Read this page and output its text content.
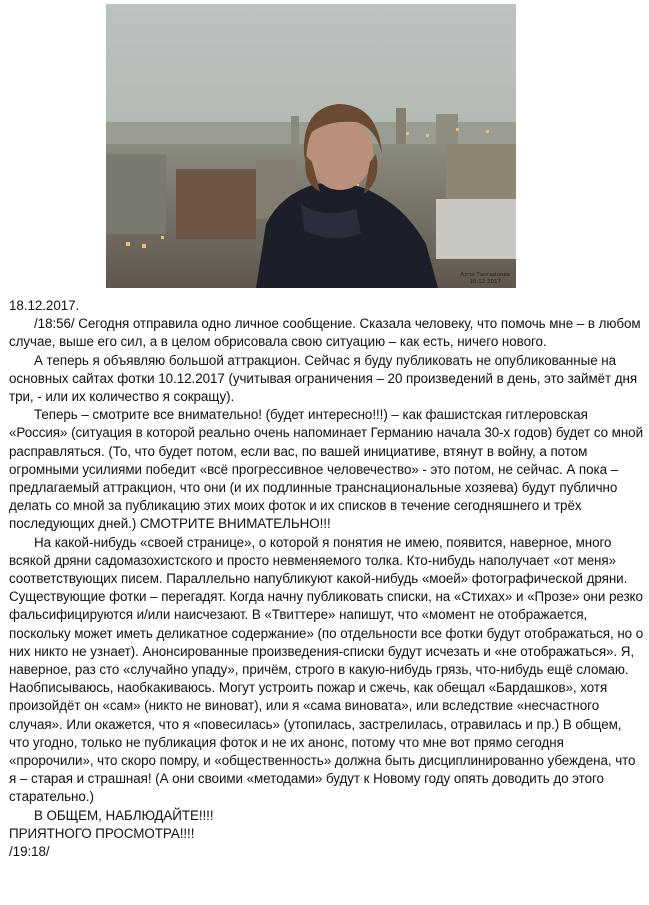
Алла Тангайлова
10.12.2017

18.12.2017.

/18:56/ Сегодня отправила одно личное сообщение. Сказала человеку, что помочь мне – в любом случае, выше его сил, а в целом обрисовала свою ситуацию – как есть, ничего нового.

А теперь я объявляю большой аттракцион. Сейчас я буду публиковать не опубликованные на основных сайтах фотки 10.12.2017 (учитывая ограничения – 20 произведений в день, это займёт дня три, - или их количество я сокращу).

Теперь – смотрите все внимательно! (будет интересно!!!) – как фашистская гитлеровская «Россия» (ситуация в которой реально очень напоминает Германию начала 30-х годов) будет со мной расправляться. (То, что будет потом, если вас, по вашей инициативе, втянут в войну, а потом огромными усилиями победит «всё прогрессивное человечество» - это потом, не сейчас. А пока – предлагаемый аттракцион, что они (и их подлинные транснациональные хозяева) будут публично делать со мной за публикацию этих моих фоток и их списков в течение сегодняшнего и трёх последующих дней.) СМОТРИТЕ ВНИМАТЕЛЬНО!!!

На какой-нибудь «своей странице», о которой я понятия не имею, появится, наверное, много всякой дряни садомазохистского и просто невменяемого толка. Кто-нибудь наполучает «от меня» соответствующих писем. Параллельно напубликуют какой-нибудь «моей» фотографической дряни. Существующие фотки – перегадят. Когда начну публиковать списки, на «Стихах» и «Прозе» они резко фальсифицируются и/или наисчезают. В «Твиттере» напишут, что «момент не отображается, поскольку может иметь деликатное содержание» (по отдельности все фотки будут отображаться, но о них никто не узнает). Анонсированные произведения-списки будут исчезать и «не отображаться». Я, наверное, раз сто «случайно упаду», причём, строго в какую-нибудь грязь, что-нибудь ещё сломаю. Наобписываюсь, наобкакиваюсь. Могут устроить пожар и сжечь, как обещал «Бардашков», хотя произойдёт он «сам» (никто не виноват), или я «сама виновата», или вследствие «несчастного случая». Или окажется, что я «повесилась» (утопилась, застрелилась, отравилась и пр.) В общем, что угодно, только не публикация фоток и не их анонс, потому что мне вот прямо сегодня «пророчили», что скоро помру, и «общественность» должна быть дисциплинированно убеждена, что я – старая и страшная! (А они своими «методами» будут к Новому году опять доводить до этого старательно.)

В ОБЩЕМ, НАБЛЮДАЙТЕ!!!!

ПРИЯТНОГО ПРОСМОТРА!!!!

/19:18/
